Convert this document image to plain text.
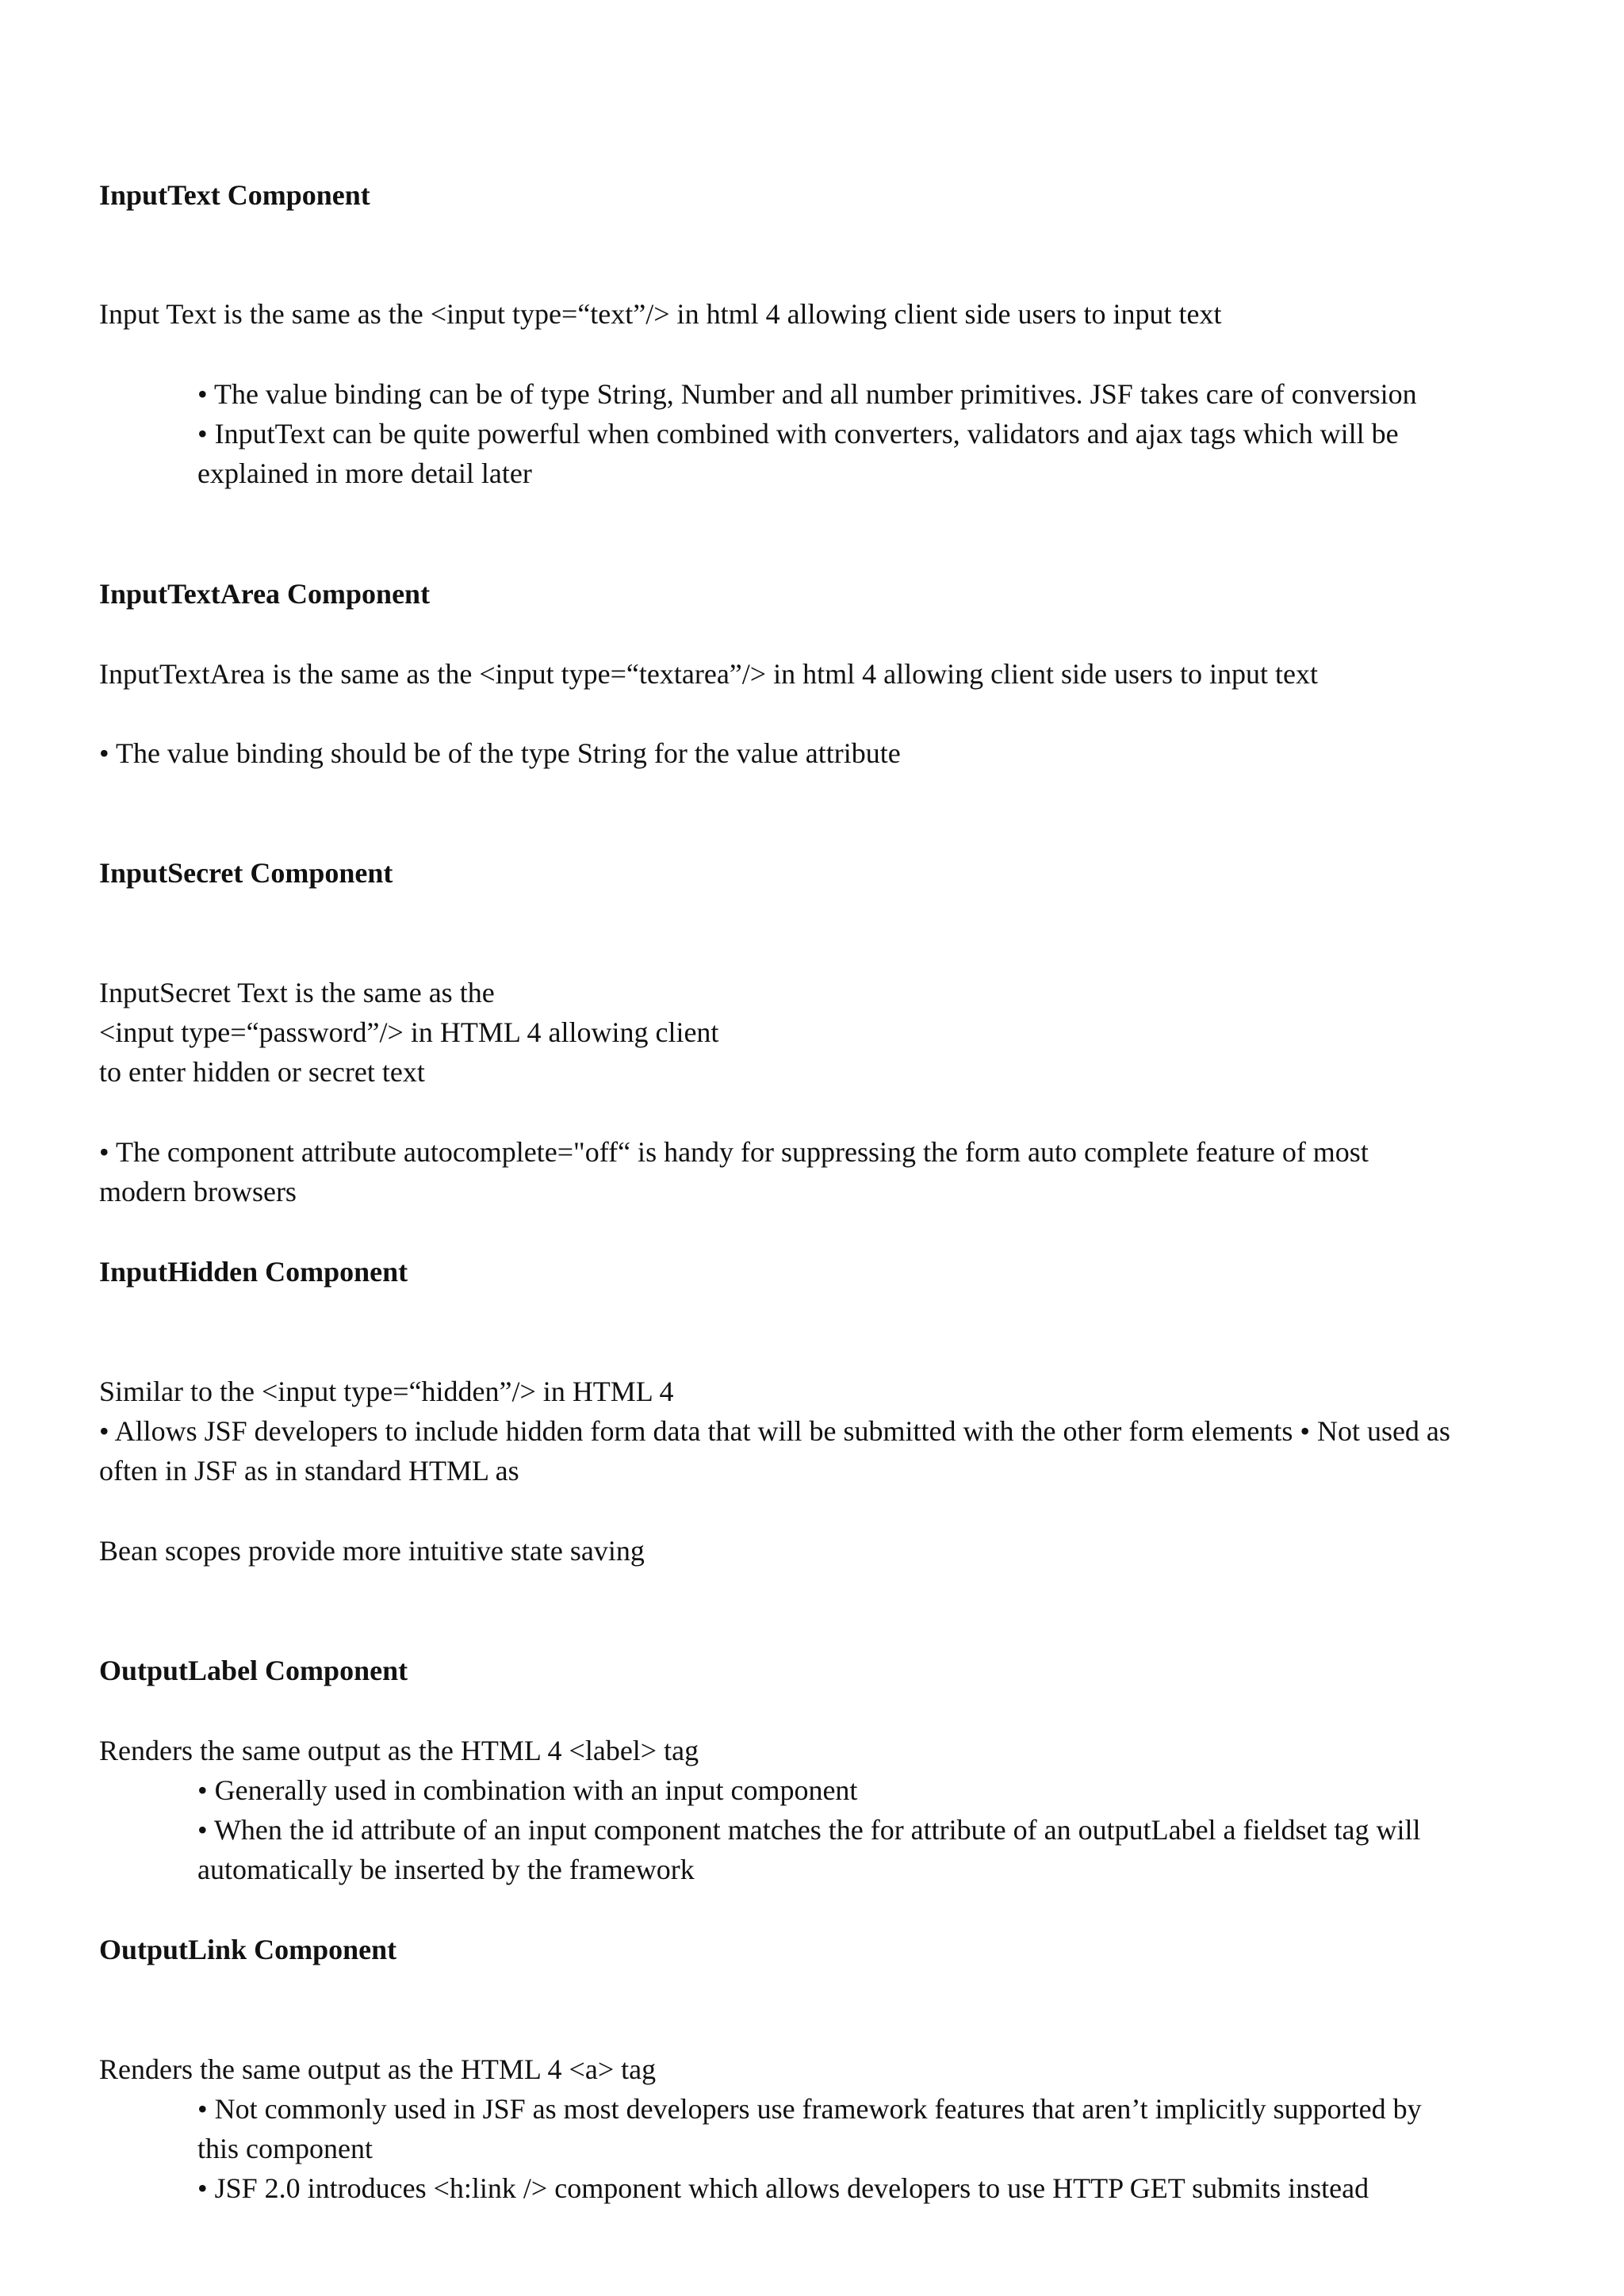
InputText Component
Input Text is the same as the <input type=“text”/> in html 4 allowing client side users to input text
• The value binding can be of type String, Number and all number primitives. JSF takes care of conversion
• InputText can be quite powerful when combined with converters, validators and ajax tags which will be
explained in more detail later
InputTextArea Component
InputTextArea is the same as the <input type=“textarea”/> in html 4 allowing client side users to input text
• The value binding should be of the type String for the value attribute
InputSecret Component
InputSecret Text is the same as the
<input type=“password”/> in HTML 4 allowing client
to enter hidden or secret text
• The component attribute autocomplete="off“ is handy for suppressing the form auto complete feature of most
modern browsers
InputHidden Component
Similar to the <input type=“hidden”/> in HTML 4
• Allows JSF developers to include hidden form data that will be submitted with the other form elements • Not used as
often in JSF as in standard HTML as
Bean scopes provide more intuitive state saving
OutputLabel Component
Renders the same output as the HTML 4 <label> tag
• Generally used in combination with an input component
• When the id attribute of an input component matches the for attribute of an outputLabel a fieldset tag will
automatically be inserted by the framework
OutputLink Component
Renders the same output as the HTML 4 <a> tag
• Not commonly used in JSF as most developers use framework features that aren’t implicitly supported by
this component
• JSF 2.0 introduces <h:link /> component which allows developers to use HTTP GET submits instead
